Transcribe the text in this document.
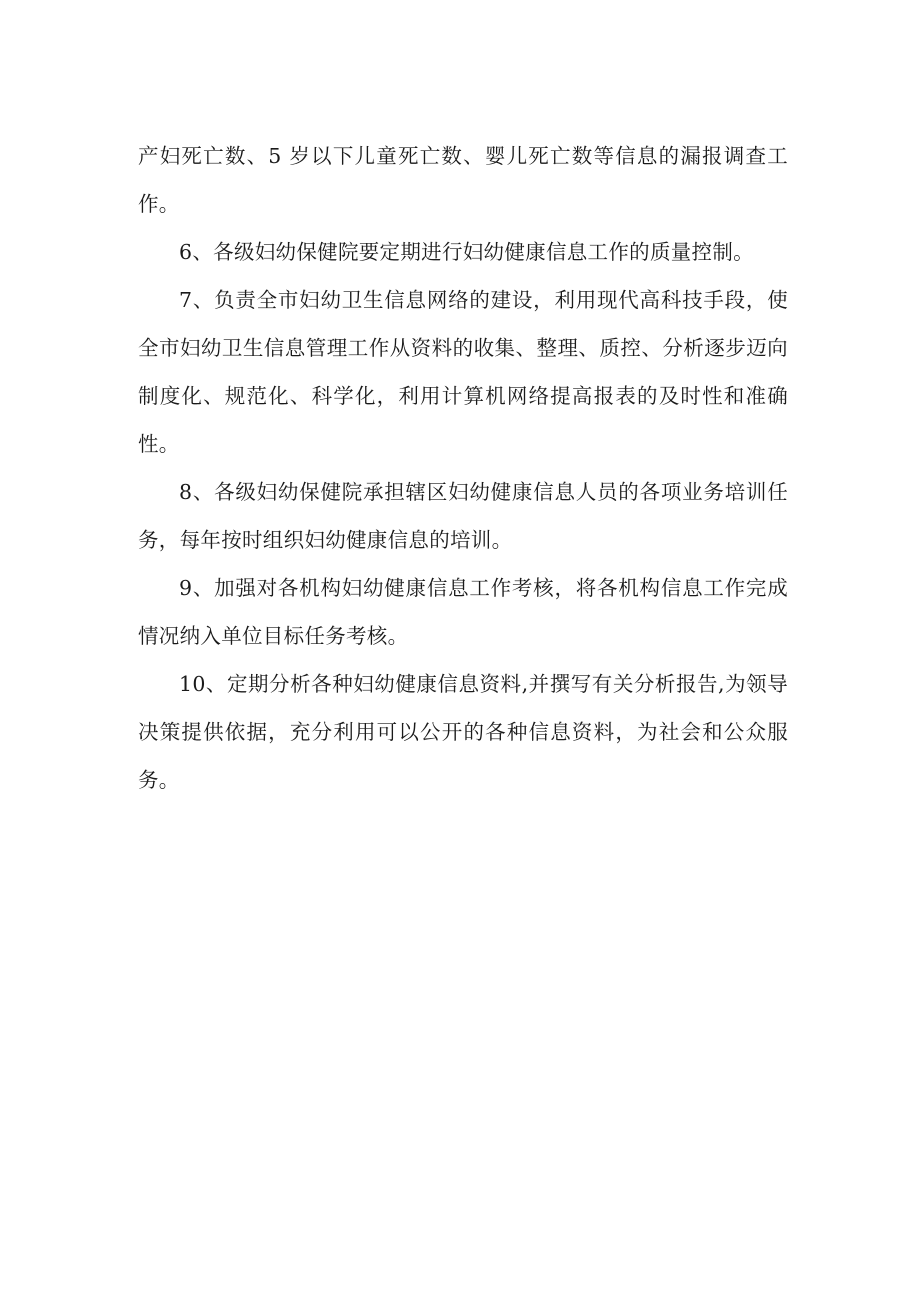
产妇死亡数、5 岁以下儿童死亡数、婴儿死亡数等信息的漏报调查工作。

6、各级妇幼保健院要定期进行妇幼健康信息工作的质量控制。

7、负责全市妇幼卫生信息网络的建设，利用现代高科技手段，使全市妇幼卫生信息管理工作从资料的收集、整理、质控、分析逐步迈向制度化、规范化、科学化，利用计算机网络提高报表的及时性和准确性。

8、各级妇幼保健院承担辖区妇幼健康信息人员的各项业务培训任务，每年按时组织妇幼健康信息的培训。

9、加强对各机构妇幼健康信息工作考核，将各机构信息工作完成情况纳入单位目标任务考核。

10、定期分析各种妇幼健康信息资料,并撰写有关分析报告,为领导决策提供依据，充分利用可以公开的各种信息资料，为社会和公众服务。
